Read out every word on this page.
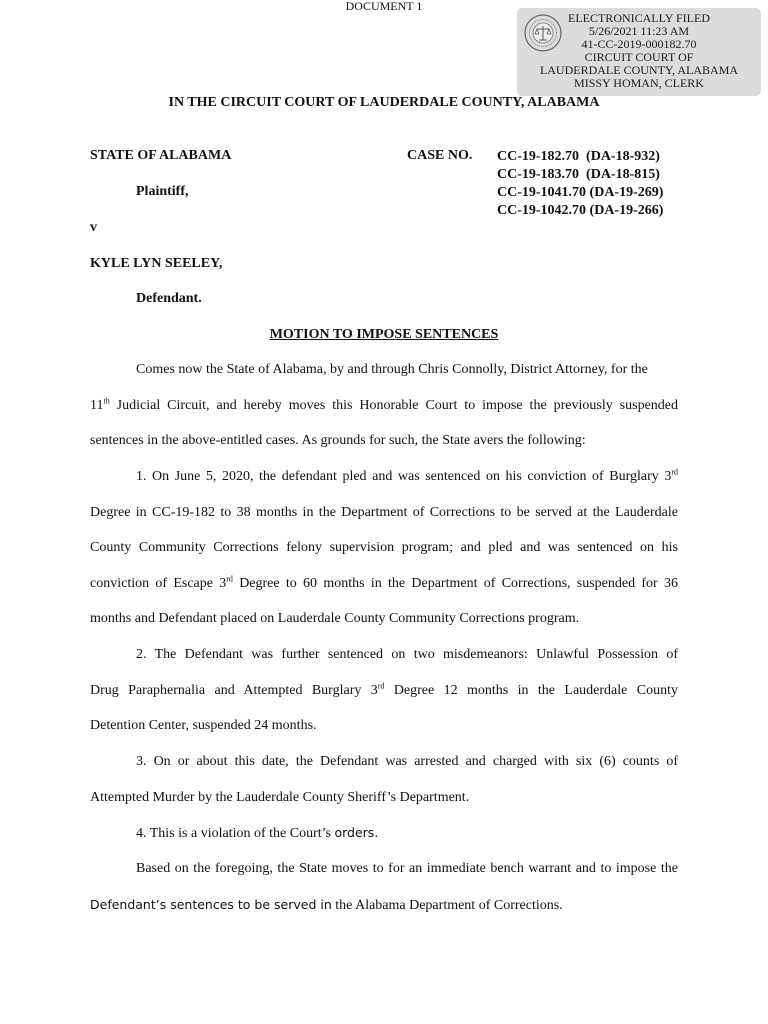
DOCUMENT 1
ELECTRONICALLY FILED
5/26/2021 11:23 AM
41-CC-2019-000182.70
CIRCUIT COURT OF
LAUDERDALE COUNTY, ALABAMA
MISSY HOMAN, CLERK
IN THE CIRCUIT COURT OF LAUDERDALE COUNTY, ALABAMA
STATE OF ALABAMA
Plaintiff,
v
KYLE LYN SEELEY,
Defendant.
CASE NO. CC-19-182.70  (DA-18-932)
CC-19-183.70  (DA-18-815)
CC-19-1041.70 (DA-19-269)
CC-19-1042.70 (DA-19-266)
MOTION TO IMPOSE SENTENCES
Comes now the State of Alabama, by and through Chris Connolly, District Attorney, for the
11th Judicial Circuit, and hereby moves this Honorable Court to impose the previously suspended
sentences in the above-entitled cases. As grounds for such, the State avers the following:
1. On June 5, 2020, the defendant pled and was sentenced on his conviction of Burglary 3rd
Degree in CC-19-182 to 38 months in the Department of Corrections to be served at the Lauderdale
County Community Corrections felony supervision program; and pled and was sentenced on his
conviction of Escape 3rd Degree to 60 months in the Department of Corrections, suspended for 36
months and Defendant placed on Lauderdale County Community Corrections program.
2. The Defendant was further sentenced on two misdemeanors: Unlawful Possession of
Drug Paraphernalia and Attempted Burglary 3rd Degree 12 months in the Lauderdale County
Detention Center, suspended 24 months.
3. On or about this date, the Defendant was arrested and charged with six (6) counts of
Attempted Murder by the Lauderdale County Sheriff’s Department.
4. This is a violation of the Court’s orders.
Based on the foregoing, the State moves to for an immediate bench warrant and to impose the
Defendant’s sentences to be served in the Alabama Department of Corrections.
